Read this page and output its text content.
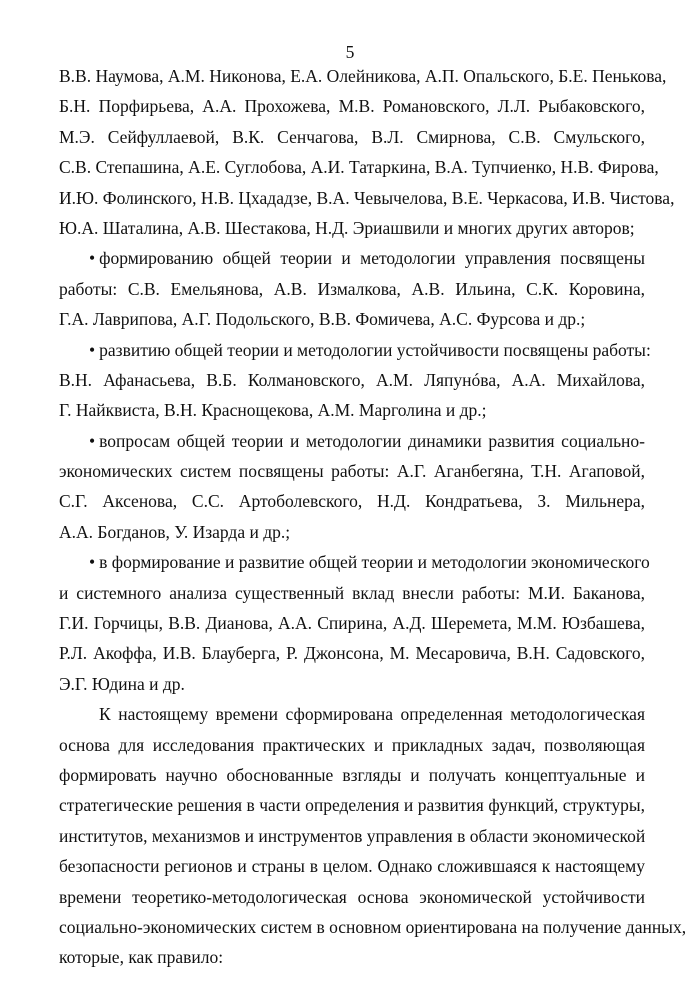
5
В.В. Наумова, А.М. Никонова, Е.А. Олейникова, А.П. Опальского, Б.Е. Пенькова,
Б.Н. Порфирьева, А.А. Прохожева, М.В. Романовского, Л.Л. Рыбаковского,
М.Э. Сейфуллаевой, В.К. Сенчагова, В.Л. Смирнова, С.В. Смульского,
С.В. Степашина, А.Е. Суглобова, А.И. Татаркина, В.А. Тупчиенко, Н.В. Фирова,
И.Ю. Фолинского, Н.В. Цхададзе, В.А. Чевычелова, В.Е. Черкасова, И.В. Чистова,
Ю.А. Шаталина, А.В. Шестакова, Н.Д. Эриашвили и многих других авторов;
• формированию общей теории и методологии управления посвящены
работы: С.В. Емельянова, А.В. Измалкова, А.В. Ильина, С.К. Коровина,
Г.А. Лаврипова, А.Г. Подольского, В.В. Фомичева, А.С. Фурсова и др.;
• развитию общей теории и методологии устойчивости посвящены работы:
В.Н. Афанасьева, В.Б. Колмановского, А.М. Ляпунóва, А.А. Михайлова,
Г. Найквиста, В.Н. Краснощекова, А.М. Марголина и др.;
• вопросам общей теории и методологии динамики развития социально-
экономических систем посвящены работы: А.Г. Аганбегяна, Т.Н. Агаповой,
С.Г. Аксенова, С.С. Артоболевского, Н.Д. Кондратьева, З. Мильнера,
А.А. Богданов, У. Изарда и др.;
• в формирование и развитие общей теории и методологии экономического
и системного анализа существенный вклад внесли работы: М.И. Баканова,
Г.И. Горчицы, В.В. Дианова, А.А. Спирина, А.Д. Шеремета, М.М. Юзбашева,
Р.Л. Акоффа, И.В. Блауберга, Р. Джонсона, М. Месаровича, В.Н. Садовского,
Э.Г. Юдина и др.
К настоящему времени сформирована определенная методологическая
основа для исследования практических и прикладных задач, позволяющая
формировать научно обоснованные взгляды и получать концептуальные и
стратегические решения в части определения и развития функций, структуры,
институтов, механизмов и инструментов управления в области экономической
безопасности регионов и страны в целом. Однако сложившаяся к настоящему
времени теоретико-методологическая основа экономической устойчивости
социально-экономических систем в основном ориентирована на получение данных,
которые, как правило:
